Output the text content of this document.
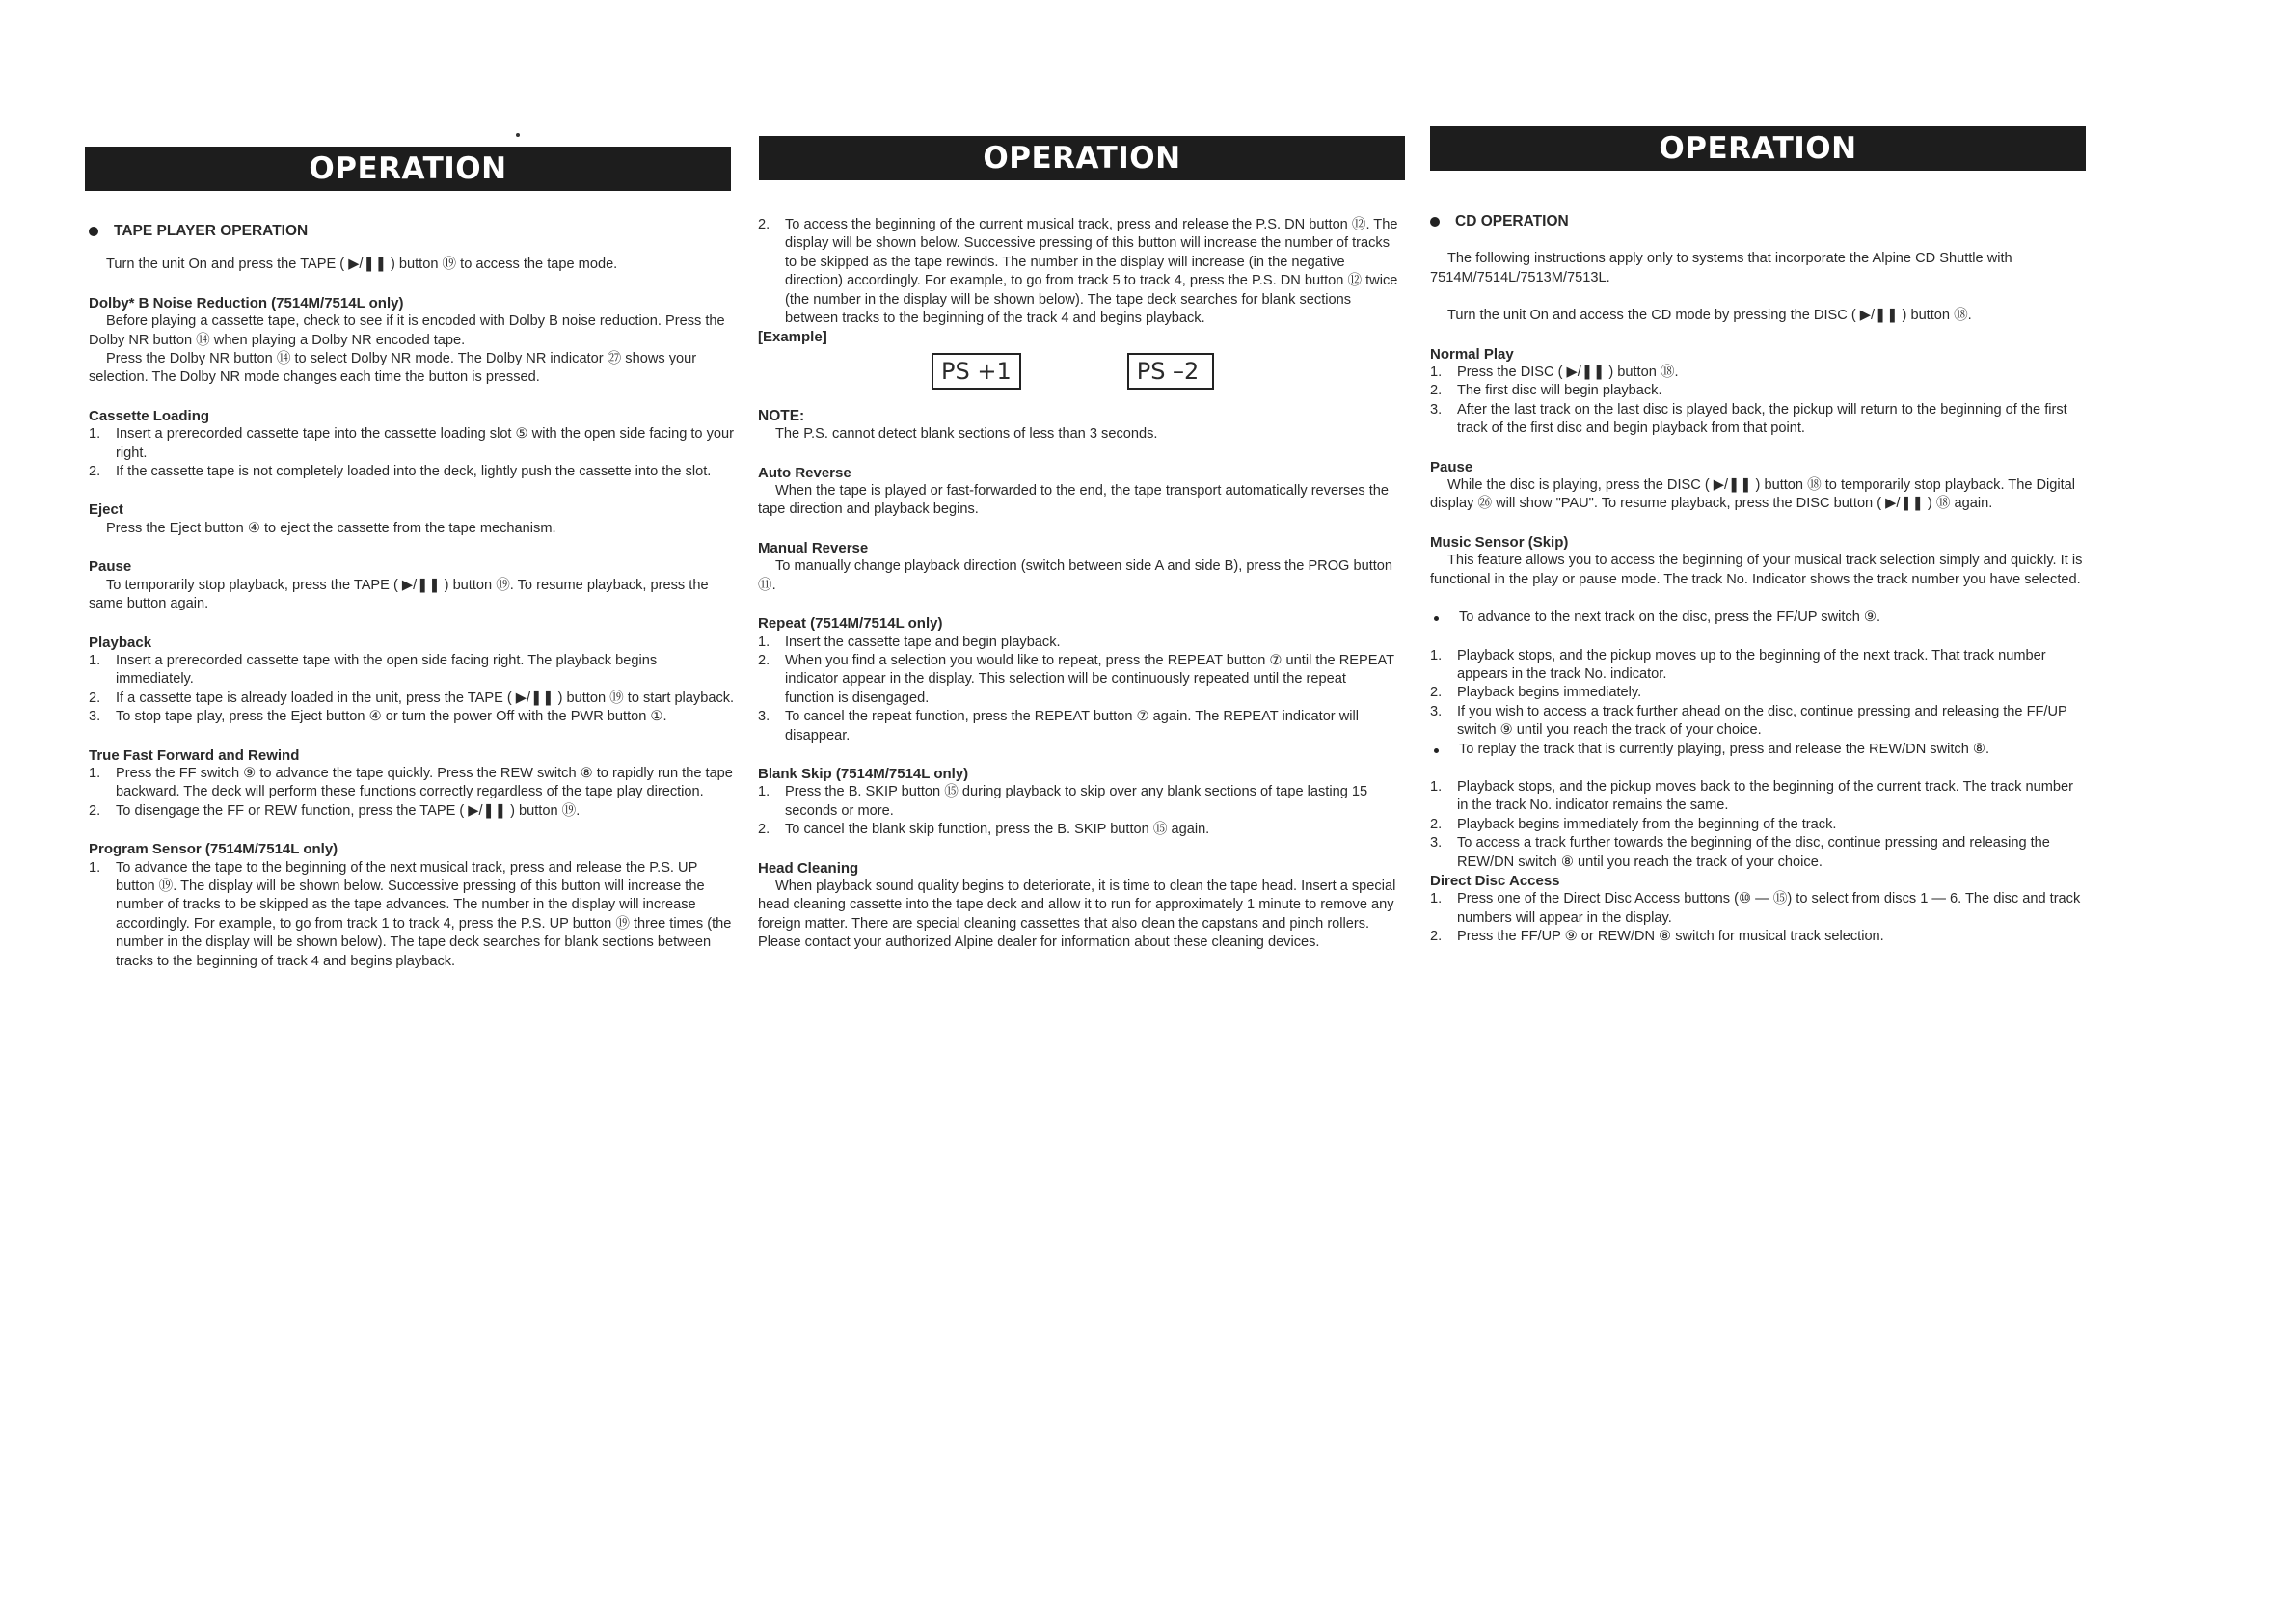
OPERATION

TAPE PLAYER OPERATION

Turn the unit On and press the TAPE ( ▶/❚❚ ) button ⑲ to access the tape mode.

Dolby* B Noise Reduction (7514M/7514L only)

Before playing a cassette tape, check to see if it is encoded with Dolby B noise reduction. Press the Dolby NR button ⑭ when playing a Dolby NR encoded tape.

Press the Dolby NR button ⑭ to select Dolby NR mode. The Dolby NR indicator ㉗ shows your selection. The Dolby NR mode changes each time the button is pressed.

Cassette Loading

1. Insert a prerecorded cassette tape into the cassette loading slot ⑤ with the open side facing to your right.
2. If the cassette tape is not completely loaded into the deck, lightly push the cassette into the slot.

Eject

Press the Eject button ④ to eject the cassette from the tape mechanism.

Pause

To temporarily stop playback, press the TAPE ( ▶/❚❚ ) button ⑲. To resume playback, press the same button again.

Playback

1. Insert a prerecorded cassette tape with the open side facing right. The playback begins immediately.
2. If a cassette tape is already loaded in the unit, press the TAPE ( ▶/❚❚ ) button ⑲ to start playback.
3. To stop tape play, press the Eject button ④ or turn the power Off with the PWR button ①.

True Fast Forward and Rewind

1. Press the FF switch ⑨ to advance the tape quickly. Press the REW switch ⑧ to rapidly run the tape backward. The deck will perform these functions correctly regardless of the tape play direction.
2. To disengage the FF or REW function, press the TAPE ( ▶/❚❚ ) button ⑲.

Program Sensor (7514M/7514L only)

1. To advance the tape to the beginning of the next musical track, press and release the P.S. UP button ⑲. The display will be shown below. Successive pressing of this button will increase the number of tracks to be skipped as the tape advances. The number in the display will increase accordingly. For example, to go from track 1 to track 4, press the P.S. UP button ⑲ three times (the number in the display will be shown below). The tape deck searches for blank sections between tracks to the beginning of track 4 and begins playback.
OPERATION
2. To access the beginning of the current musical track, press and release the P.S. DN button ⑫. The display will be shown below. Successive pressing of this button will increase the number of tracks to be skipped as the tape rewinds. The number in the display will increase (in the negative direction) accordingly. For example, to go from track 5 to track 4, press the P.S. DN button ⑫ twice (the number in the display will be shown below). The tape deck searches for blank sections between tracks to the beginning of the track 4 and begins playback.

[Example]

PS +1	PS –2

NOTE:

The P.S. cannot detect blank sections of less than 3 seconds.

Auto Reverse

When the tape is played or fast-forwarded to the end, the tape transport automatically reverses the tape direction and playback begins.

Manual Reverse

To manually change playback direction (switch between side A and side B), press the PROG button ⑪.

Repeat (7514M/7514L only)

1. Insert the cassette tape and begin playback.
2. When you find a selection you would like to repeat, press the REPEAT button ⑦ until the REPEAT indicator appear in the display. This selection will be continuously repeated until the repeat function is disengaged.
3. To cancel the repeat function, press the REPEAT button ⑦ again. The REPEAT indicator will disappear.

Blank Skip (7514M/7514L only)

1. Press the B. SKIP button ⑮ during playback to skip over any blank sections of tape lasting 15 seconds or more.
2. To cancel the blank skip function, press the B. SKIP button ⑮ again.

Head Cleaning

When playback sound quality begins to deteriorate, it is time to clean the tape head. Insert a special head cleaning cassette into the tape deck and allow it to run for approximately 1 minute to remove any foreign matter. There are special cleaning cassettes that also clean the capstans and pinch rollers. Please contact your authorized Alpine dealer for information about these cleaning devices.

OPERATION

CD OPERATION

The following instructions apply only to systems that incorporate the Alpine CD Shuttle with 7514M/7514L/7513M/7513L.

Turn the unit On and access the CD mode by pressing the DISC ( ▶/❚❚ ) button ⑱.

Normal Play

1. Press the DISC ( ▶/❚❚ ) button ⑱.
2. The first disc will begin playback.
3. After the last track on the last disc is played back, the pickup will return to the beginning of the first track of the first disc and begin playback from that point.

Pause

While the disc is playing, press the DISC ( ▶/❚❚ ) button ⑱ to temporarily stop playback. The Digital display ㉖ will show "PAU". To resume playback, press the DISC button ( ▶/❚❚ ) ⑱ again.

Music Sensor (Skip)

This feature allows you to access the beginning of your musical track selection simply and quickly. It is functional in the play or pause mode. The track No. Indicator shows the track number you have selected.

To advance to the next track on the disc, press the FF/UP switch ⑨.

1. Playback stops, and the pickup moves up to the beginning of the next track. That track number appears in the track No. indicator.
2. Playback begins immediately.
3. If you wish to access a track further ahead on the disc, continue pressing and releasing the FF/UP switch ⑨ until you reach the track of your choice.

To replay the track that is currently playing, press and release the REW/DN switch ⑧.

1. Playback stops, and the pickup moves back to the beginning of the current track. The track number in the track No. indicator remains the same.
2. Playback begins immediately from the beginning of the track.
3. To access a track further towards the beginning of the disc, continue pressing and releasing the REW/DN switch ⑧ until you reach the track of your choice.

Direct Disc Access

1. Press one of the Direct Disc Access buttons (⑩ — ⑮) to select from discs 1 — 6. The disc and track numbers will appear in the display.
2. Press the FF/UP ⑨ or REW/DN ⑧ switch for musical track selection.
